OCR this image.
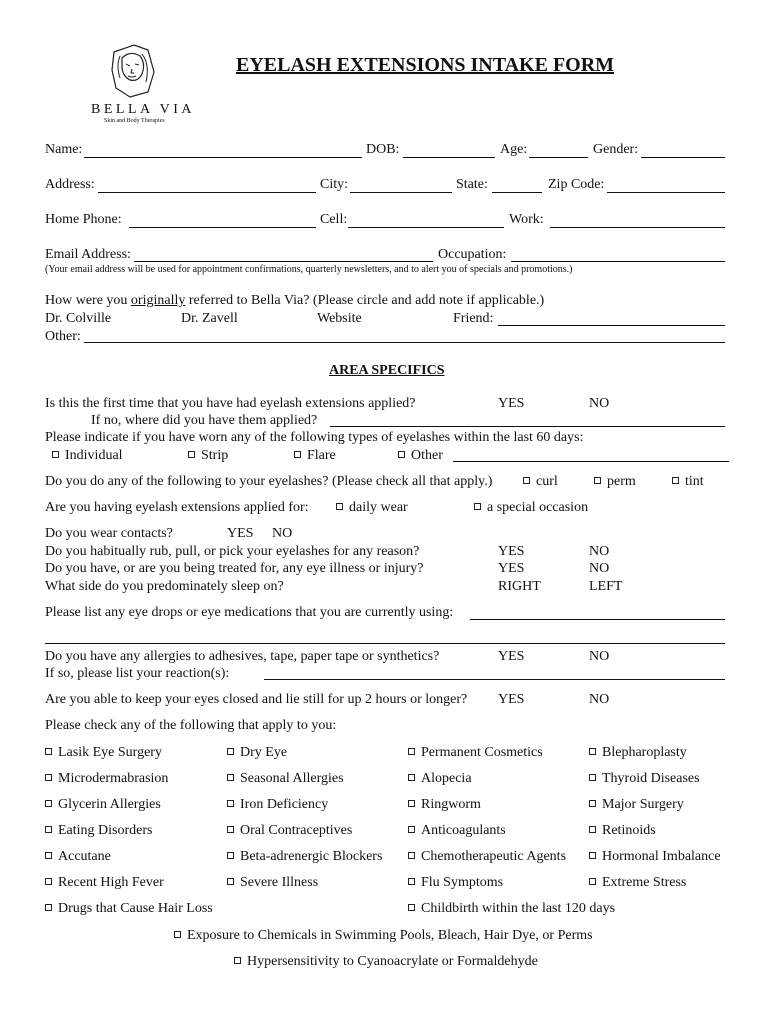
BELLA VIA
Skin and Body Therapies
EYELASH EXTENSIONS INTAKE FORM
Name:	DOB:	Age:	Gender:
Address:	City:	State:	Zip Code:
Home Phone:	Cell:	Work:
Email Address:	Occupation:
(Your email address will be used for appointment confirmations, quarterly newsletters, and to alert you of specials and promotions.)
How were you originally referred to Bella Via? (Please circle and add note if applicable.)
Dr. Colville	Dr. Zavell	Website	Friend:
Other:
AREA SPECIFICS
Is this the first time that you have had eyelash extensions applied?	YES	NO
If no, where did you have them applied?
Please indicate if you have worn any of the following types of eyelashes within the last 60 days:
Individual	Strip	Flare	Other
Do you do any of the following to your eyelashes? (Please check all that apply.)	curl	perm	tint
Are you having eyelash extensions applied for:	daily wear	a special occasion
Do you wear contacts?	YES NO
Do you habitually rub, pull, or pick your eyelashes for any reason?	YES	NO
Do you have, or are you being treated for, any eye illness or injury?	YES	NO
What side do you predominately sleep on?	RIGHT	LEFT
Please list any eye drops or eye medications that you are currently using:
Do you have any allergies to adhesives, tape, paper tape or synthetics?	YES	NO
If so, please list your reaction(s):
Are you able to keep your eyes closed and lie still for up 2 hours or longer? YES	NO
Please check any of the following that apply to you:
Lasik Eye Surgery	Dry Eye	Permanent Cosmetics	Blepharoplasty
Microdermabrasion	Seasonal Allergies	Alopecia	Thyroid Diseases
Glycerin Allergies	Iron Deficiency	Ringworm	Major Surgery
Eating Disorders	Oral Contraceptives	Anticoagulants	Retinoids
Accutane	Beta-adrenergic Blockers	Chemotherapeutic Agents	Hormonal Imbalance
Recent High Fever	Severe Illness	Flu Symptoms	Extreme Stress
Drugs that Cause Hair Loss	Childbirth within the last 120 days
Exposure to Chemicals in Swimming Pools, Bleach, Hair Dye, or Perms
Hypersensitivity to Cyanoacrylate or Formaldehyde
